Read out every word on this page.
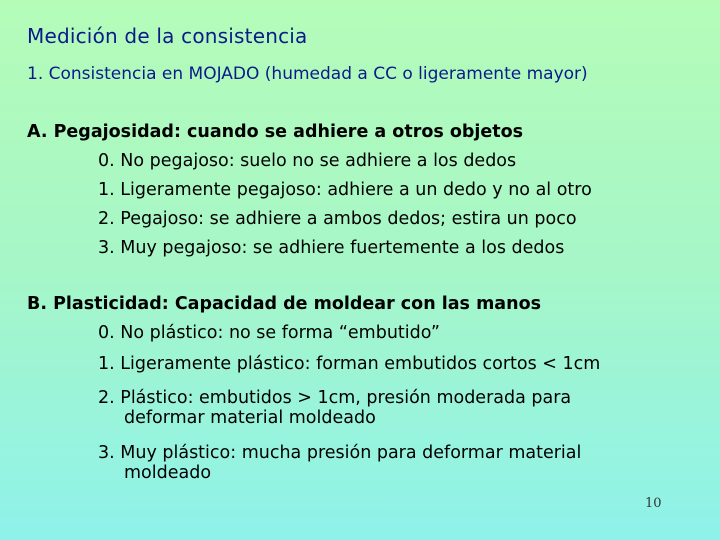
Medición de la consistencia
1. Consistencia en MOJADO (humedad a CC o ligeramente mayor)
A. Pegajosidad: cuando se adhiere a otros objetos
0. No pegajoso: suelo no se adhiere a los dedos
1. Ligeramente pegajoso: adhiere a un dedo y no al otro
2. Pegajoso: se adhiere a ambos dedos; estira un poco
3. Muy pegajoso: se adhiere fuertemente a los dedos
B. Plasticidad: Capacidad de moldear con las manos
0. No plástico: no se forma “embutido”
1. Ligeramente plástico: forman embutidos cortos < 1cm
2. Plástico: embutidos > 1cm, presión moderada para
deformar material moldeado
3. Muy plástico: mucha presión para deformar material
moldeado
10
